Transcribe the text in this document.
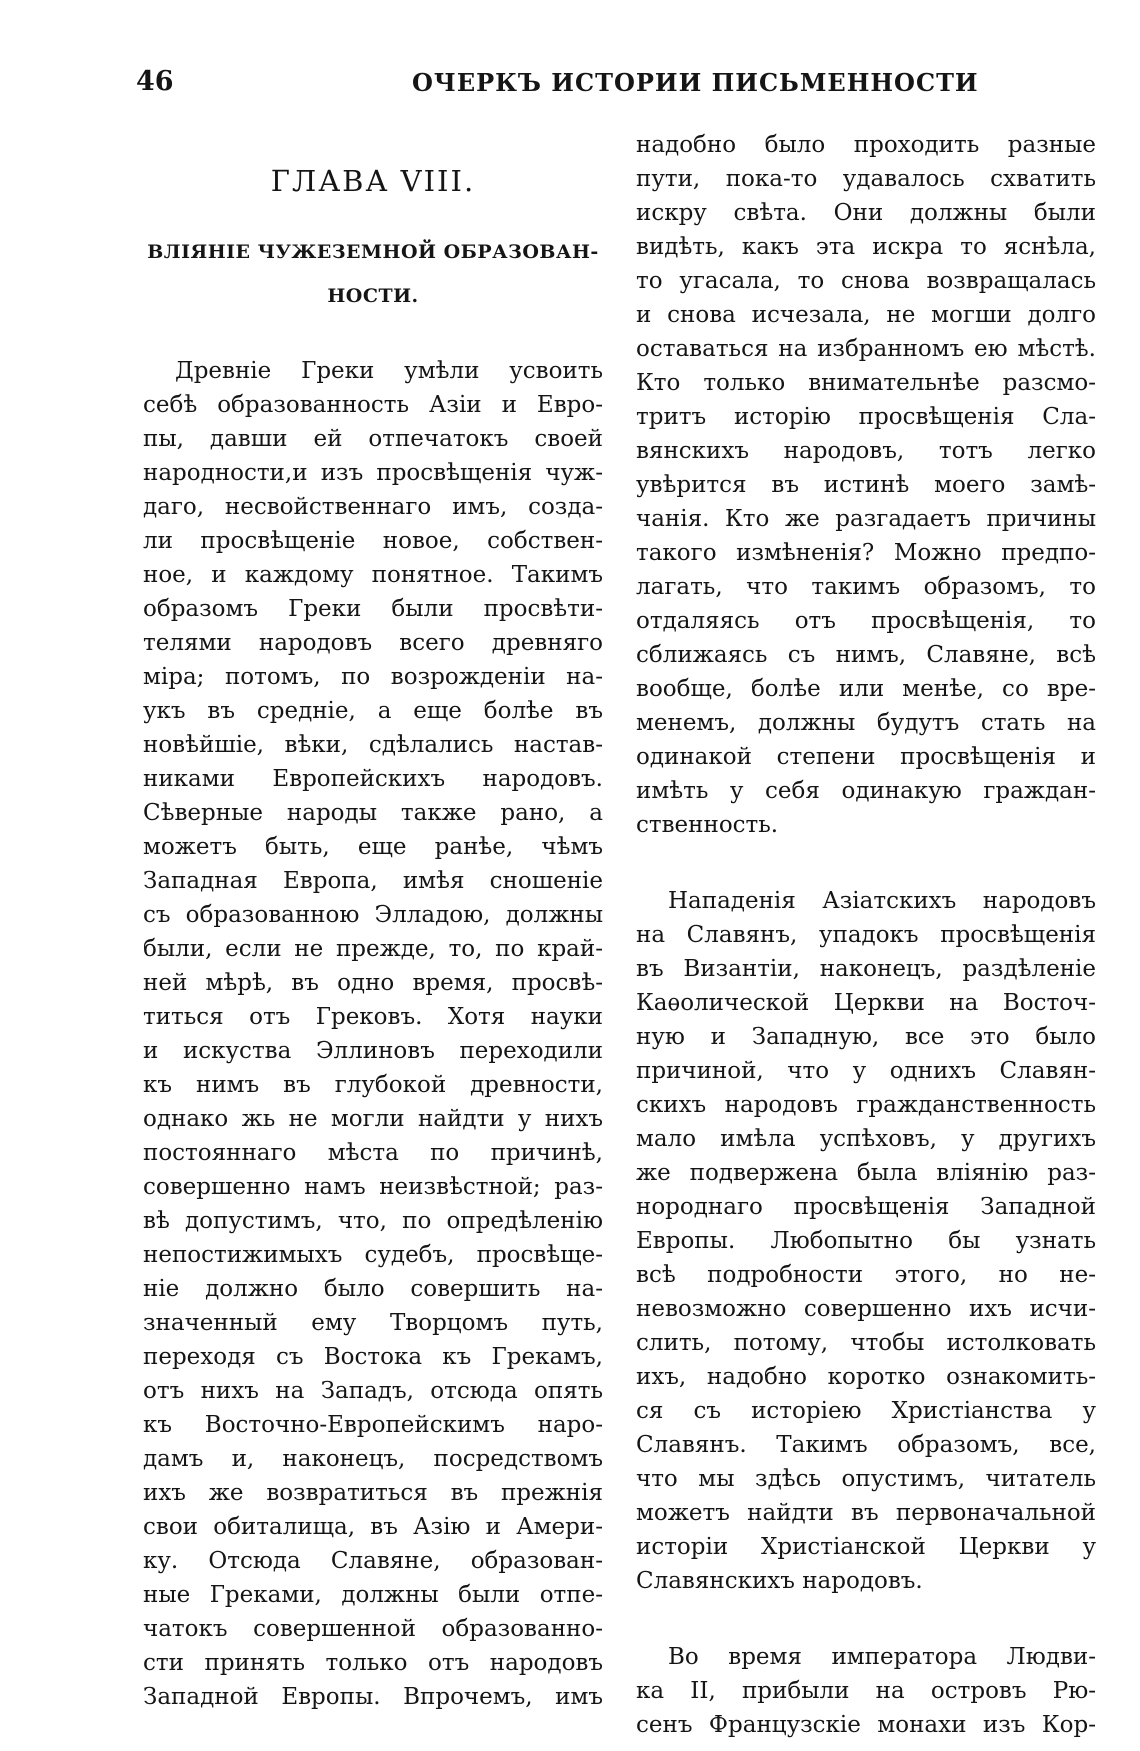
46	ОЧЕРКЪ ИСТОРИИ ПИСЬМЕННОСТИ
ГЛАВА VIII.
ВЛІЯНІЕ ЧУЖЕЗЕМНОЙ ОБРАЗОВАН-
НОСТИ.
Древніе Греки умѣли усвоить
себѣ образованность Азіи и Евро-
пы, давши ей отпечатокъ своей
народности,и изъ просвѣщенія чуж-
даго, несвойственнаго имъ, созда-
ли просвѣщеніе новое, собствен-
ное, и каждому понятное. Такимъ
образомъ Греки были просвѣти-
телями народовъ всего древняго
міра; потомъ, по возрожденіи на-
укъ въ средніе, а еще болѣе въ
новѣйшіе, вѣки, сдѣлались настав-
никами Европейскихъ народовъ.
Сѣверные народы также рано, а
можетъ быть, еще ранѣе, чѣмъ
Западная Европа, имѣя сношеніе
съ образованною Элладою, должны
были, если не прежде, то, по край-
ней мѣрѣ, въ одно время, просвѣ-
титься отъ Грековъ. Хотя науки
и искуства Эллиновъ переходили
къ нимъ въ глубокой древности,
однако жь не могли найдти у нихъ
постояннаго мѣста по причинѣ,
совершенно намъ неизвѣстной; раз-
вѣ допустимъ, что, по опредѣленію
непостижимыхъ судебъ, просвѣще-
ніе должно было совершить на-
значенный ему Творцомъ путь,
переходя съ Востока къ Грекамъ,
отъ нихъ на Западъ, отсюда опять
къ Восточно-Европейскимъ наро-
дамъ и, наконецъ, посредствомъ
ихъ же возвратиться въ прежнія
свои обиталища, въ Азію и Амери-
ку. Отсюда Славяне, образован-
ные Греками, должны были отпе-
чатокъ совершенной образованно-
сти принять только отъ народовъ
Западной Европы. Впрочемъ, имъ
надобно было проходить разные
пути, пока-то удавалось схватить
искру свѣта. Они должны были
видѣть, какъ эта искра то яснѣла,
то угасала, то снова возвращалась
и снова исчезала, не могши долго
оставаться на избранномъ ею мѣстѣ.
Кто только внимательнѣе разсмо-
тритъ исторію просвѣщенія Сла-
вянскихъ народовъ, тотъ легко
увѣрится въ истинѣ моего замѣ-
чанія. Кто же разгадаетъ причины
такого измѣненія? Можно предпо-
лагать, что такимъ образомъ, то
отдаляясь отъ просвѣщенія, то
сближаясь съ нимъ, Славяне, всѣ
вообще, болѣе или менѣе, со вре-
менемъ, должны будутъ стать на
одинакой степени просвѣщенія и
имѣть у себя одинакую граждан-
ственность.
Нападенія Азіатскихъ народовъ
на Славянъ, упадокъ просвѣщенія
въ Византіи, наконецъ, раздѣленіе
Каѳолической Церкви на Восточ-
ную и Западную, все это было
причиной, что у однихъ Славян-
скихъ народовъ гражданственность
мало имѣла успѣховъ, у другихъ
же подвержена была вліянію раз-
нороднаго просвѣщенія Западной
Европы. Любопытно бы узнать
всѣ подробности этого, но не-
невозможно совершенно ихъ исчи-
слить, потому, чтобы истолковать
ихъ, надобно коротко ознакомить-
ся съ исторіею Христіанства у
Славянъ. Такимъ образомъ, все,
что мы здѣсь опустимъ, читатель
можетъ найдти въ первоначальной
исторіи Христіанской Церкви у
Славянскихъ народовъ.
Во время императора Людви-
ка II, прибыли на островъ Рю-
сенъ Французскіе монахи изъ Кор-
